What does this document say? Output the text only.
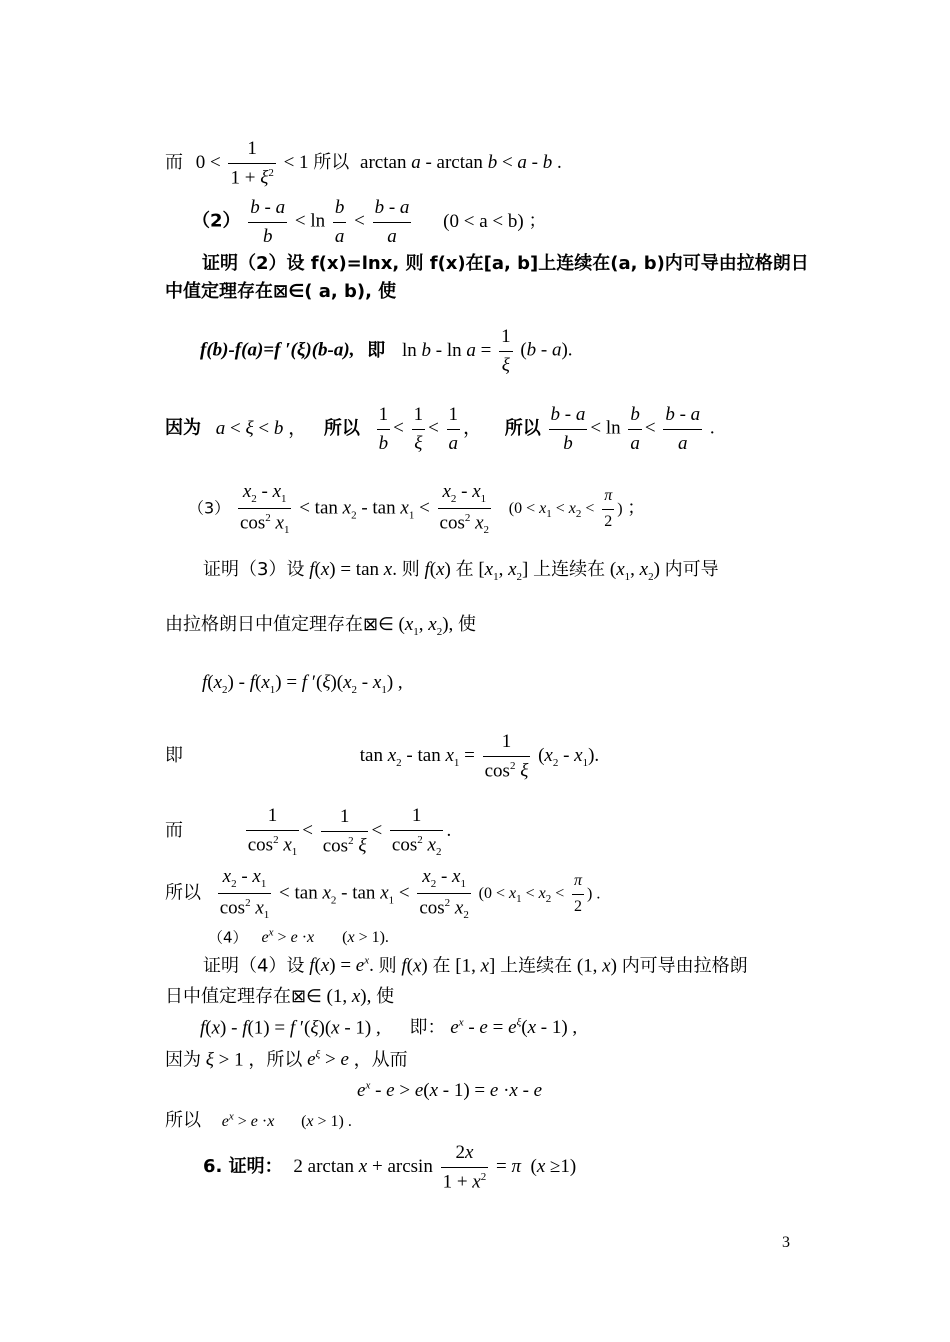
而 $0 < \frac{1}{1 + \xi^2} < 1$ 所以 arctan a - arctan b < a - b .
$(2) \frac{b - a}{b} < \ln \frac{b}{a} < \frac{b - a}{a} (0 < a < b)$ ；
证明（2）设 f(x)=lnx, 则 f(x)在[a, b]上连续在(a, b)内可导由拉格朗日
中值定理存在⊠∈( a, b), 使
f(b)-f(a)=f ′(ξ)(b-a), 即 $\ln b - \ln a = \frac{1}{\xi} (b - a)$.
因为 a < ξ < b ， 所以 $\frac{1}{b} < \frac{1}{\xi} < \frac{1}{a}$ ， 所以 $\frac{b - a}{b} < \ln \frac{b}{a} < \frac{b - a}{a}$ .
$(3) \frac{x_2 - x_1}{\cos^2 x_1} < \tan x_2 - \tan x_1 < \frac{x_2 - x_1}{\cos^2 x_2} (0 < x_1 < x_2 < \frac{\pi}{2}$ ) ；
证明（3）设 f(x) = tan x. 则 f(x) 在 [$x_1$, $x_2$] 上连续在 ($x_1$, $x_2$) 内可导
由拉格朗日中值定理存在⊠∈ ($x_1$, $x_2$), 使
$f(x_2) - f(x_1) = f$ $'(\xi)(x_2 - x_1)$ ,
即	$\tan x_2 - \tan x_1 = \frac{1}{\cos^2 \xi} (x_2 - x_1)$.
而	$\frac{1}{\cos^2 x_1} < \frac{1}{\cos^2 \xi} < \frac{1}{\cos^2 x_2}$ .
所以 $\frac{x_2 - x_1}{\cos^2 x_1} < \tan x_2 - \tan x_1 < \frac{x_2 - x_1}{\cos^2 x_2} (0 < x_1 < x_2 < \frac{\pi}{2}$ ) .
（4） $e^x > e \cdot x$ (x > 1).
证明（4）设 $f(x) = e^x$. 则 f(x) 在 [1, x] 上连续在 (1, x) 内可导由拉格朗
日中值定理存在⊠∈ (1, x), 使
f(x) - f(1) = f ′(ξ)(x - 1) , 即： $e^x - e = e^\xi(x - 1)$ ,
因为 ξ > 1 ，所以 $e^\xi > e$ ，从而
$e^x - e > e(x - 1) = e \cdot x - e$
所以 $e^x > e \cdot x$ (x > 1) .
6. 证明： 2 $\arctan x + \arcsin \frac{2x}{1 + x^2} = \pi$  (x ≥1)
3
